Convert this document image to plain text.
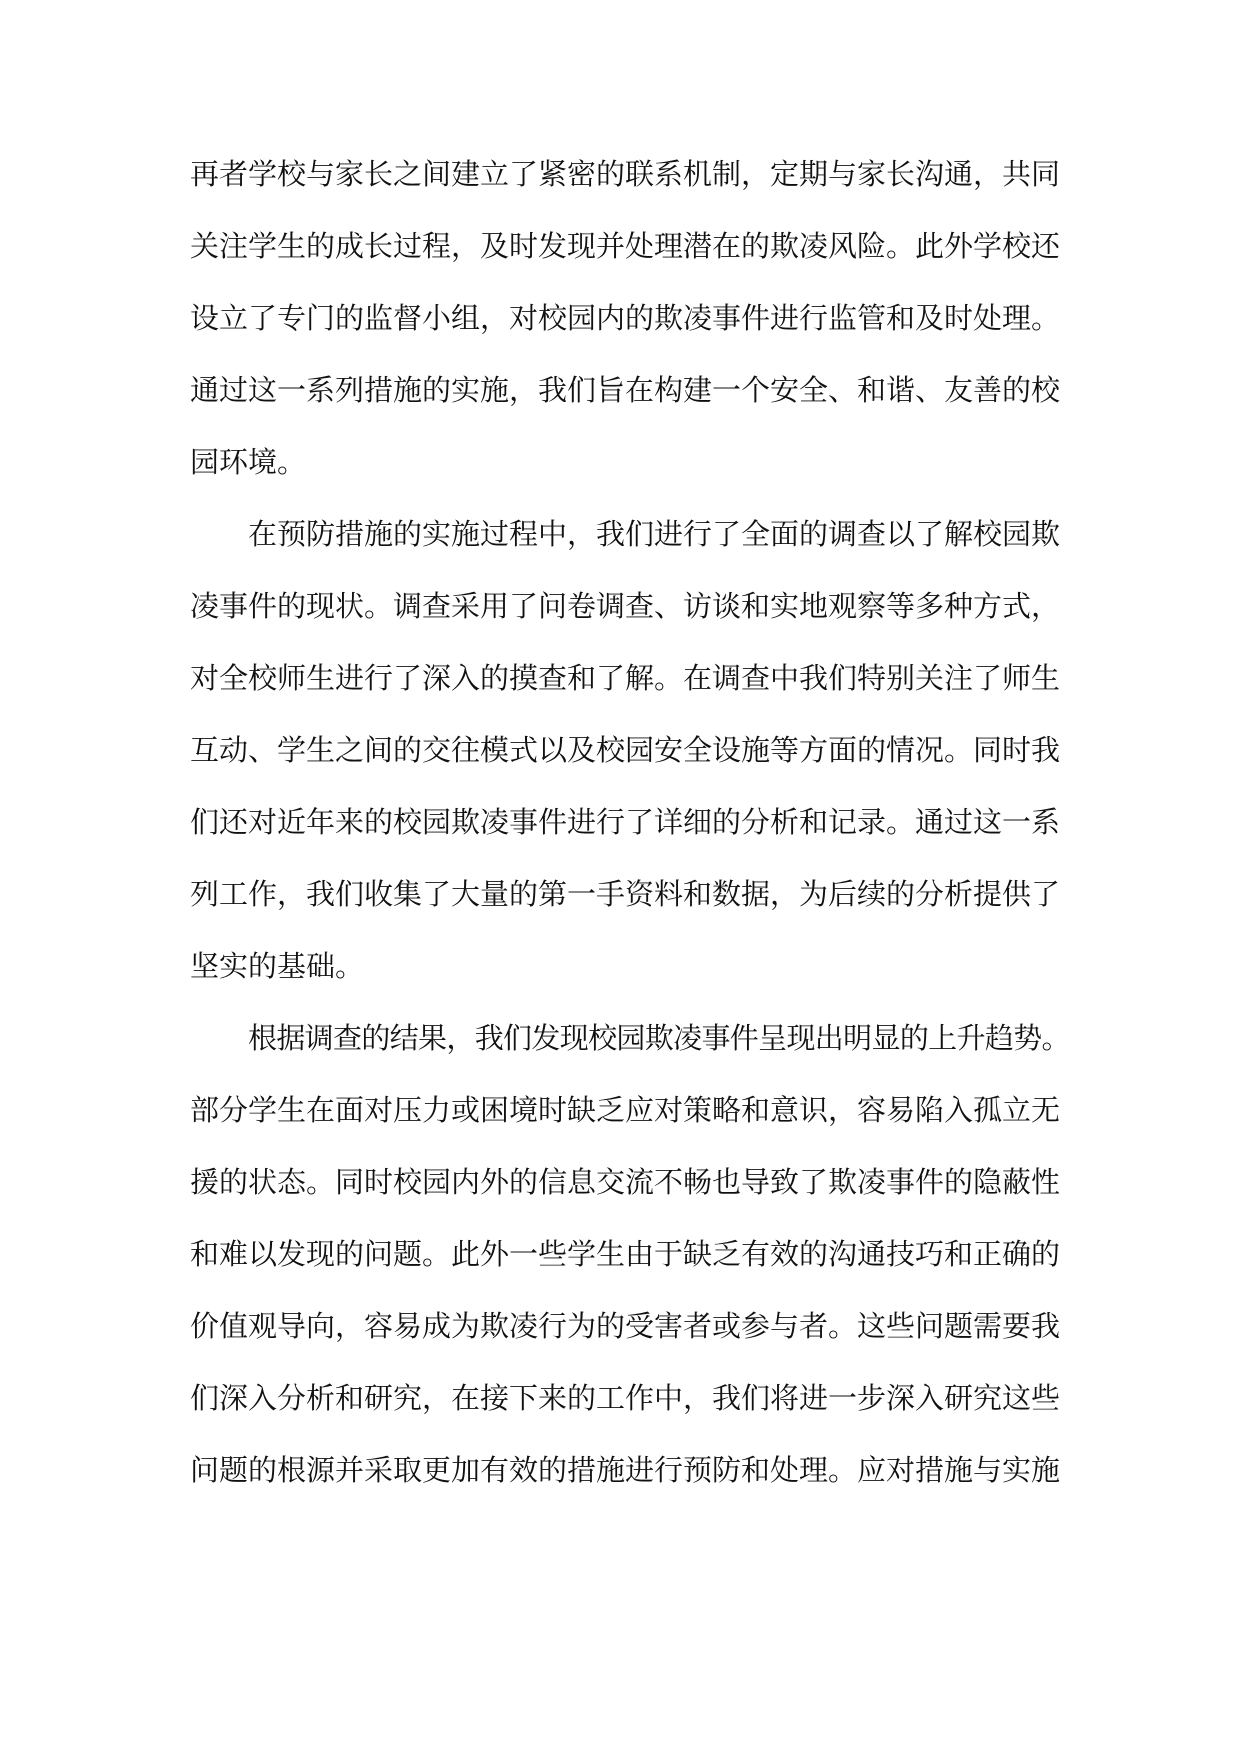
再者学校与家长之间建立了紧密的联系机制，定期与家长沟通，共同
关注学生的成长过程，及时发现并处理潜在的欺凌风险。此外学校还
设立了专门的监督小组，对校园内的欺凌事件进行监管和及时处理。
通过这一系列措施的实施，我们旨在构建一个安全、和谐、友善的校
园环境。
在预防措施的实施过程中，我们进行了全面的调查以了解校园欺
凌事件的现状。调查采用了问卷调查、访谈和实地观察等多种方式，
对全校师生进行了深入的摸查和了解。在调查中我们特别关注了师生
互动、学生之间的交往模式以及校园安全设施等方面的情况。同时我
们还对近年来的校园欺凌事件进行了详细的分析和记录。通过这一系
列工作，我们收集了大量的第一手资料和数据，为后续的分析提供了
坚实的基础。
根据调查的结果，我们发现校园欺凌事件呈现出明显的上升趋势。
部分学生在面对压力或困境时缺乏应对策略和意识，容易陷入孤立无
援的状态。同时校园内外的信息交流不畅也导致了欺凌事件的隐蔽性
和难以发现的问题。此外一些学生由于缺乏有效的沟通技巧和正确的
价值观导向，容易成为欺凌行为的受害者或参与者。这些问题需要我
们深入分析和研究，在接下来的工作中，我们将进一步深入研究这些
问题的根源并采取更加有效的措施进行预防和处理。应对措施与实施
